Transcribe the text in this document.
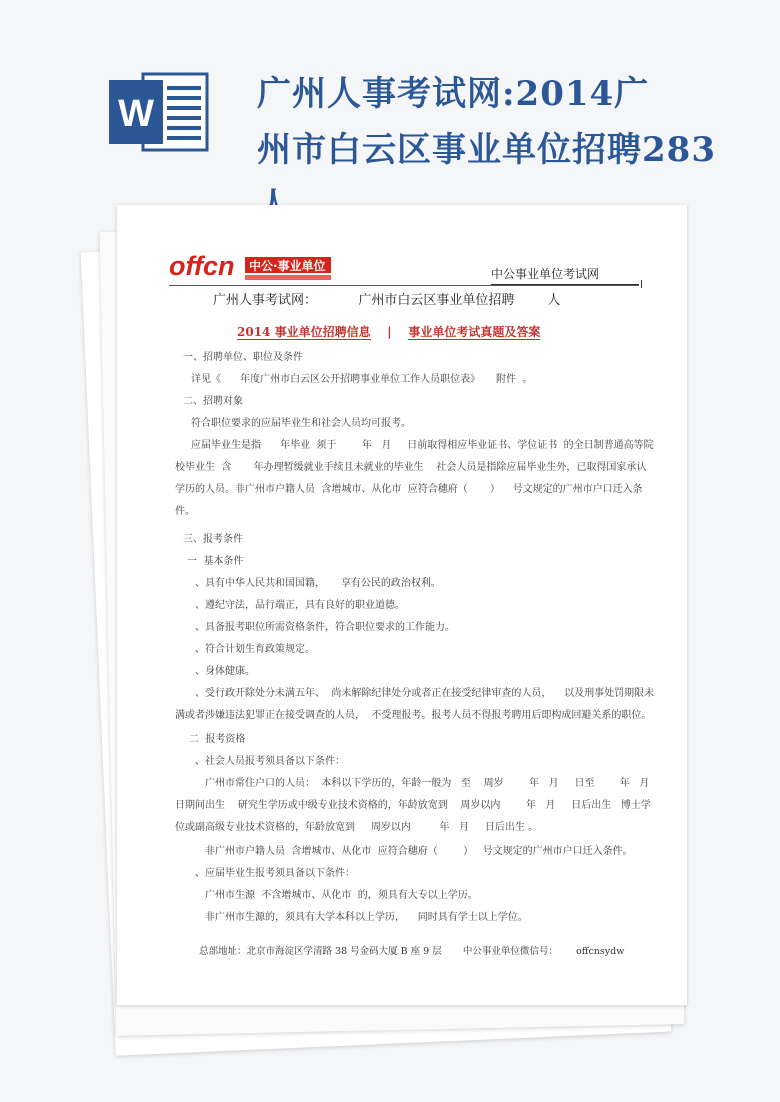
W	广州人事考试网:2014广
州市白云区事业单位招聘283
offcn 中公·事业单位
中公事业单位考试网
广州人事考试网：          广州市白云区事业单位招聘        人
2014 事业单位招聘信息 | 事业单位考试真题及答案
一、招聘单位、职位及条件
详见《      年度广州市白云区公开招聘事业单位工作人员职位表》     附件  。
二、招聘对象
符合职位要求的应届毕业生和社会人员均可报考。
应届毕业生是指      年毕业  须于        年   月     日前取得相应毕业证书、学位证书  的全日制普通高等院
校毕业生  含       年办理暂缓就业手续且未就业的毕业生    社会人员是指除应届毕业生外，已取得国家承认
学历的人员。非广州市户籍人员  含增城市、从化市  应符合穗府（       ）    号文规定的广州市户口迁入条
件。
三、报考条件
一  基本条件
、具有中华人民共和国国籍，     享有公民的政治权利。
、遵纪守法，品行端正，具有良好的职业道德。
、具备报考职位所需资格条件，符合职位要求的工作能力。
、符合计划生育政策规定。
、身体健康。
、受行政开除处分未满五年、  尚未解除纪律处分或者正在接受纪律审查的人员，    以及刑事处罚期限未
满或者涉嫌违法犯罪正在接受调查的人员，  不受理报考。报考人员不得报考聘用后即构成回避关系的职位。
二  报考资格
、社会人员报考须具备以下条件：
广州市常住户口的人员：  本科以下学历的，年龄一般为   至    周岁        年   月     日至        年   月
日期间出生    研究生学历或中级专业技术资格的，年龄放宽到    周岁以内        年   月     日后出生   博士学
位或副高级专业技术资格的，年龄放宽到     周岁以内         年   月     日后出生 。
非广州市户籍人员  含增城市、从化市  应符合穗府（        ）   号文规定的广州市户口迁入条件。
、应届毕业生报考须具备以下条件：
广州市生源  不含增城市、从化市  的，须具有大专以上学历。
非广州市生源的，须具有大学本科以上学历，    同时具有学士以上学位。
总部地址：北京市海淀区学清路 38 号金码大厦 B 座 9 层       中公事业单位微信号：      offcnsydw
